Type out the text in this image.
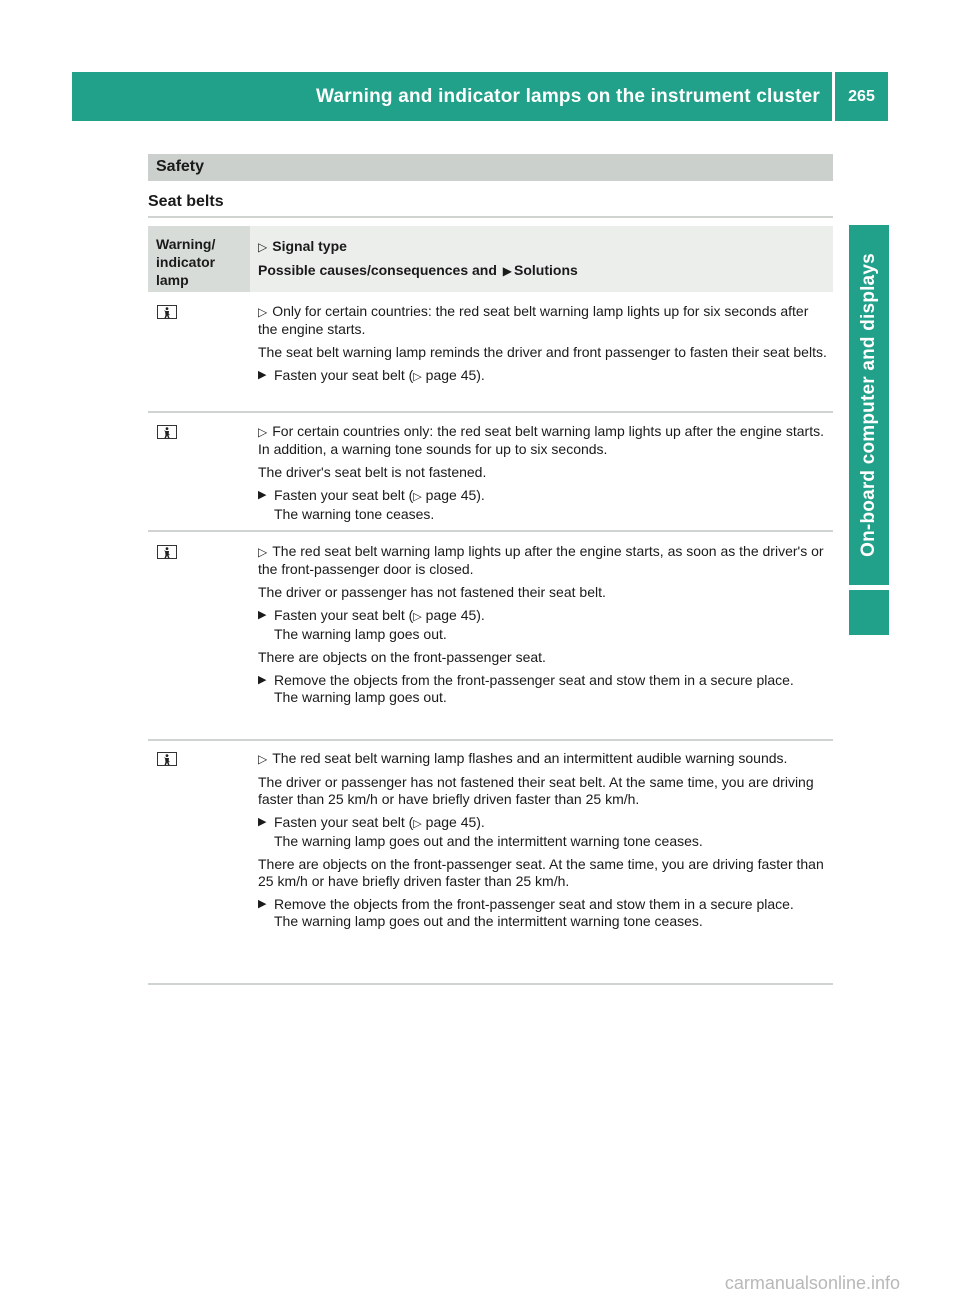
Warning and indicator lamps on the instrument cluster	265
On-board computer and displays
Safety
Seat belts
Warning/
indicator
lamp
▷ Signal type
Possible causes/consequences and ▶ Solutions

▷ Only for certain countries: the red seat belt warning lamp lights up for six seconds after the engine starts.

The seat belt warning lamp reminds the driver and front passenger to fasten their seat belts.

▶ Fasten your seat belt (▷ page 45).

▷ For certain countries only: the red seat belt warning lamp lights up after the engine starts. In addition, a warning tone sounds for up to six seconds.

The driver's seat belt is not fastened.

▶ Fasten your seat belt (▷ page 45).
The warning tone ceases.

▷ The red seat belt warning lamp lights up after the engine starts, as soon as the driver's or the front-passenger door is closed.

The driver or passenger has not fastened their seat belt.

▶ Fasten your seat belt (▷ page 45).
The warning lamp goes out.

There are objects on the front-passenger seat.

▶ Remove the objects from the front-passenger seat and stow them in a secure place.
The warning lamp goes out.

▷ The red seat belt warning lamp flashes and an intermittent audible warning sounds.

The driver or passenger has not fastened their seat belt. At the same time, you are driving faster than 25 km/h or have briefly driven faster than 25 km/h.

▶ Fasten your seat belt (▷ page 45).
The warning lamp goes out and the intermittent warning tone ceases.

There are objects on the front-passenger seat. At the same time, you are driving faster than 25 km/h or have briefly driven faster than 25 km/h.

▶ Remove the objects from the front-passenger seat and stow them in a secure place.
The warning lamp goes out and the intermittent warning tone ceases.
carmanualsonline.info
